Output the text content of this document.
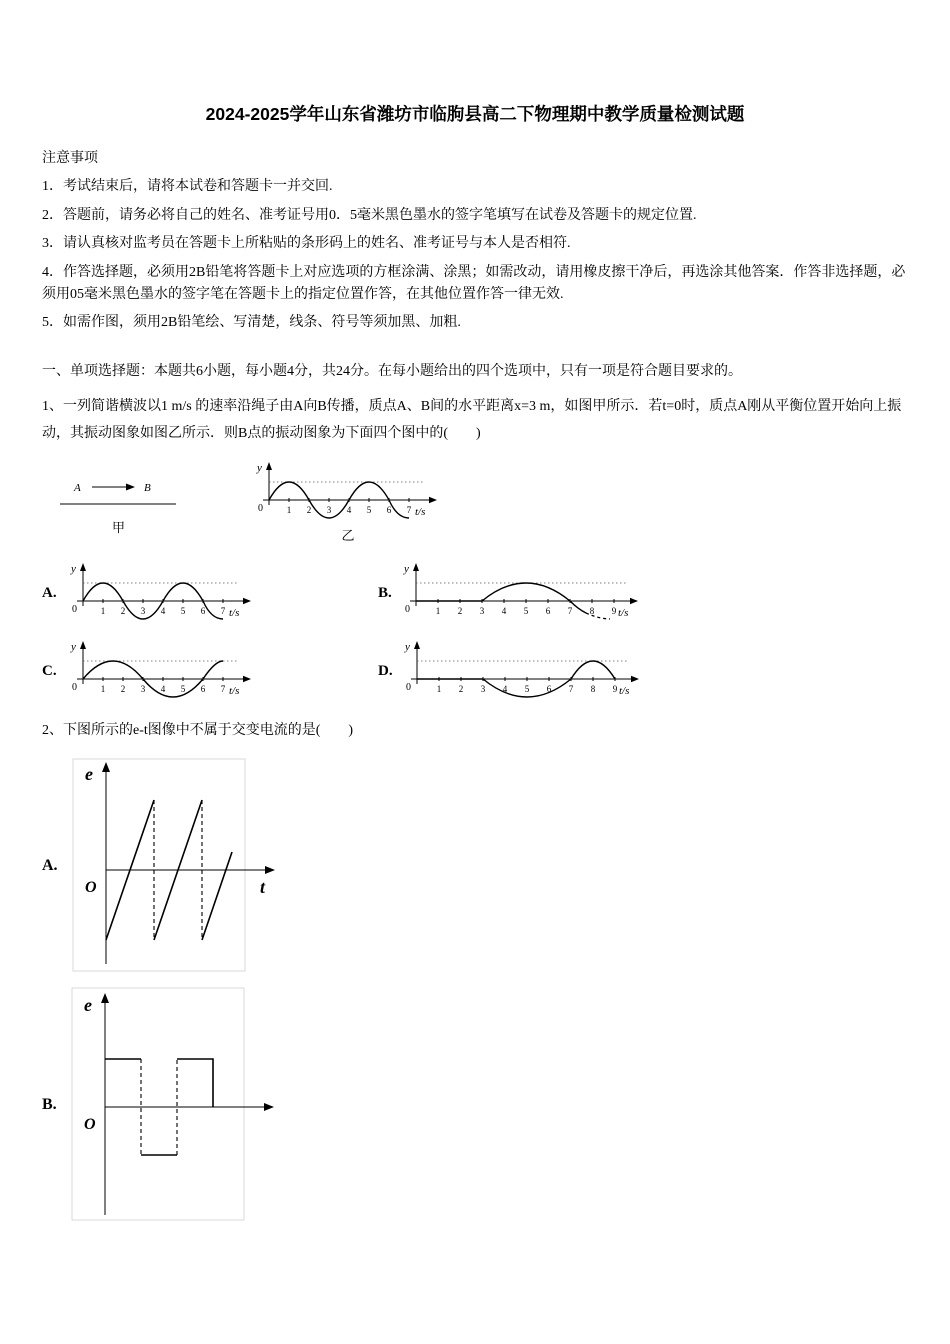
2024-2025学年山东省潍坊市临朐县高二下物理期中教学质量检测试题

注意事项

1．考试结束后，请将本试卷和答题卡一并交回.

2．答题前，请务必将自己的姓名、准考证号用0．5毫米黑色墨水的签字笔填写在试卷及答题卡的规定位置.

3．请认真核对监考员在答题卡上所粘贴的条形码上的姓名、准考证号与本人是否相符.

4．作答选择题，必须用2B铅笔将答题卡上对应选项的方框涂满、涂黑；如需改动，请用橡皮擦干净后，再选涂其他答案．作答非选择题，必须用05毫米黑色墨水的签字笔在答题卡上的指定位置作答，在其他位置作答一律无效.

5．如需作图，须用2B铅笔绘、写清楚，线条、符号等须加黑、加粗.

一、单项选择题：本题共6小题，每小题4分，共24分。在每小题给出的四个选项中，只有一项是符合题目要求的。

1、一列简谐横波以1 m/s 的速率沿绳子由A向B传播，质点A、B间的水平距离x=3 m，如图甲所示．若t=0时，质点A刚从平衡位置开始向上振动，其振动图象如图乙所示．则B点的振动图象为下面四个图中的(　　)

A	B
甲
y
0	t/s
1 2 3 4 5 6 7
乙
A.
y
0	t/s
1 2 3 4 5 6 7
B.
y
0	t/s
1 2 3 4 5 6 7 8 9
C.
y
0	t/s
1 2 3 4 5 6 7
D.
y
0	t/s
1 2 3 4 5 6 7 8 9

2、下图所示的e-t图像中不属于交变电流的是(　　)

A.
e
O	t
B.
e
O
